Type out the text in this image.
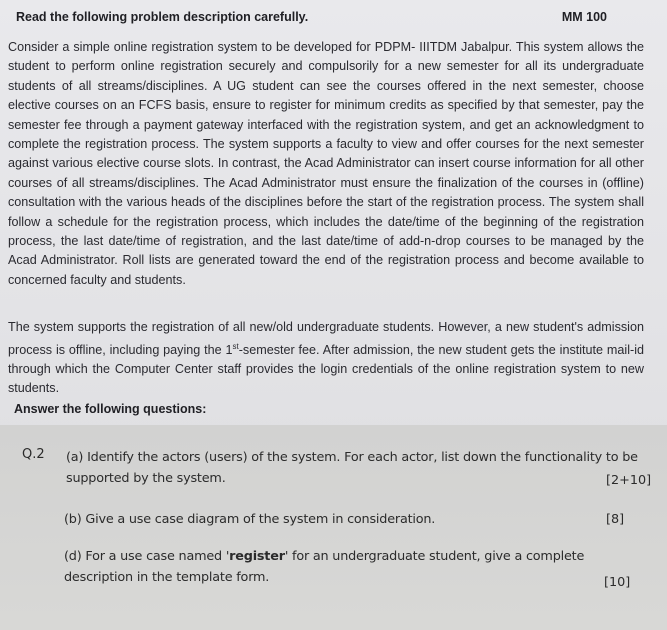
Read the following problem description carefully.	MM 100
Consider a simple online registration system to be developed for PDPM- IIITDM Jabalpur. This system allows the student to perform online registration securely and compulsorily for a new semester for all its undergraduate students of all streams/disciplines. A UG student can see the courses offered in the next semester, choose elective courses on an FCFS basis, ensure to register for minimum credits as specified by that semester, pay the semester fee through a payment gateway interfaced with the registration system, and get an acknowledgment to complete the registration process. The system supports a faculty to view and offer courses for the next semester against various elective course slots. In contrast, the Acad Administrator can insert course information for all other courses of all streams/disciplines. The Acad Administrator must ensure the finalization of the courses in (offline) consultation with the various heads of the disciplines before the start of the registration process. The system shall follow a schedule for the registration process, which includes the date/time of the beginning of the registration process, the last date/time of registration, and the last date/time of add-n-drop courses to be managed by the Acad Administrator. Roll lists are generated toward the end of the registration process and become available to concerned faculty and students.
The system supports the registration of all new/old undergraduate students. However, a new student's admission process is offline, including paying the 1st-semester fee. After admission, the new student gets the institute mail-id through which the Computer Center staff provides the login credentials of the online registration system to new students.
Answer the following questions:
Q.2 (a) Identify the actors (users) of the system. For each actor, list down the functionality to be supported by the system.	[2+10]
(b) Give a use case diagram of the system in consideration.	[8]
(d) For a use case named 'register' for an undergraduate student, give a complete description in the template form.	[10]
